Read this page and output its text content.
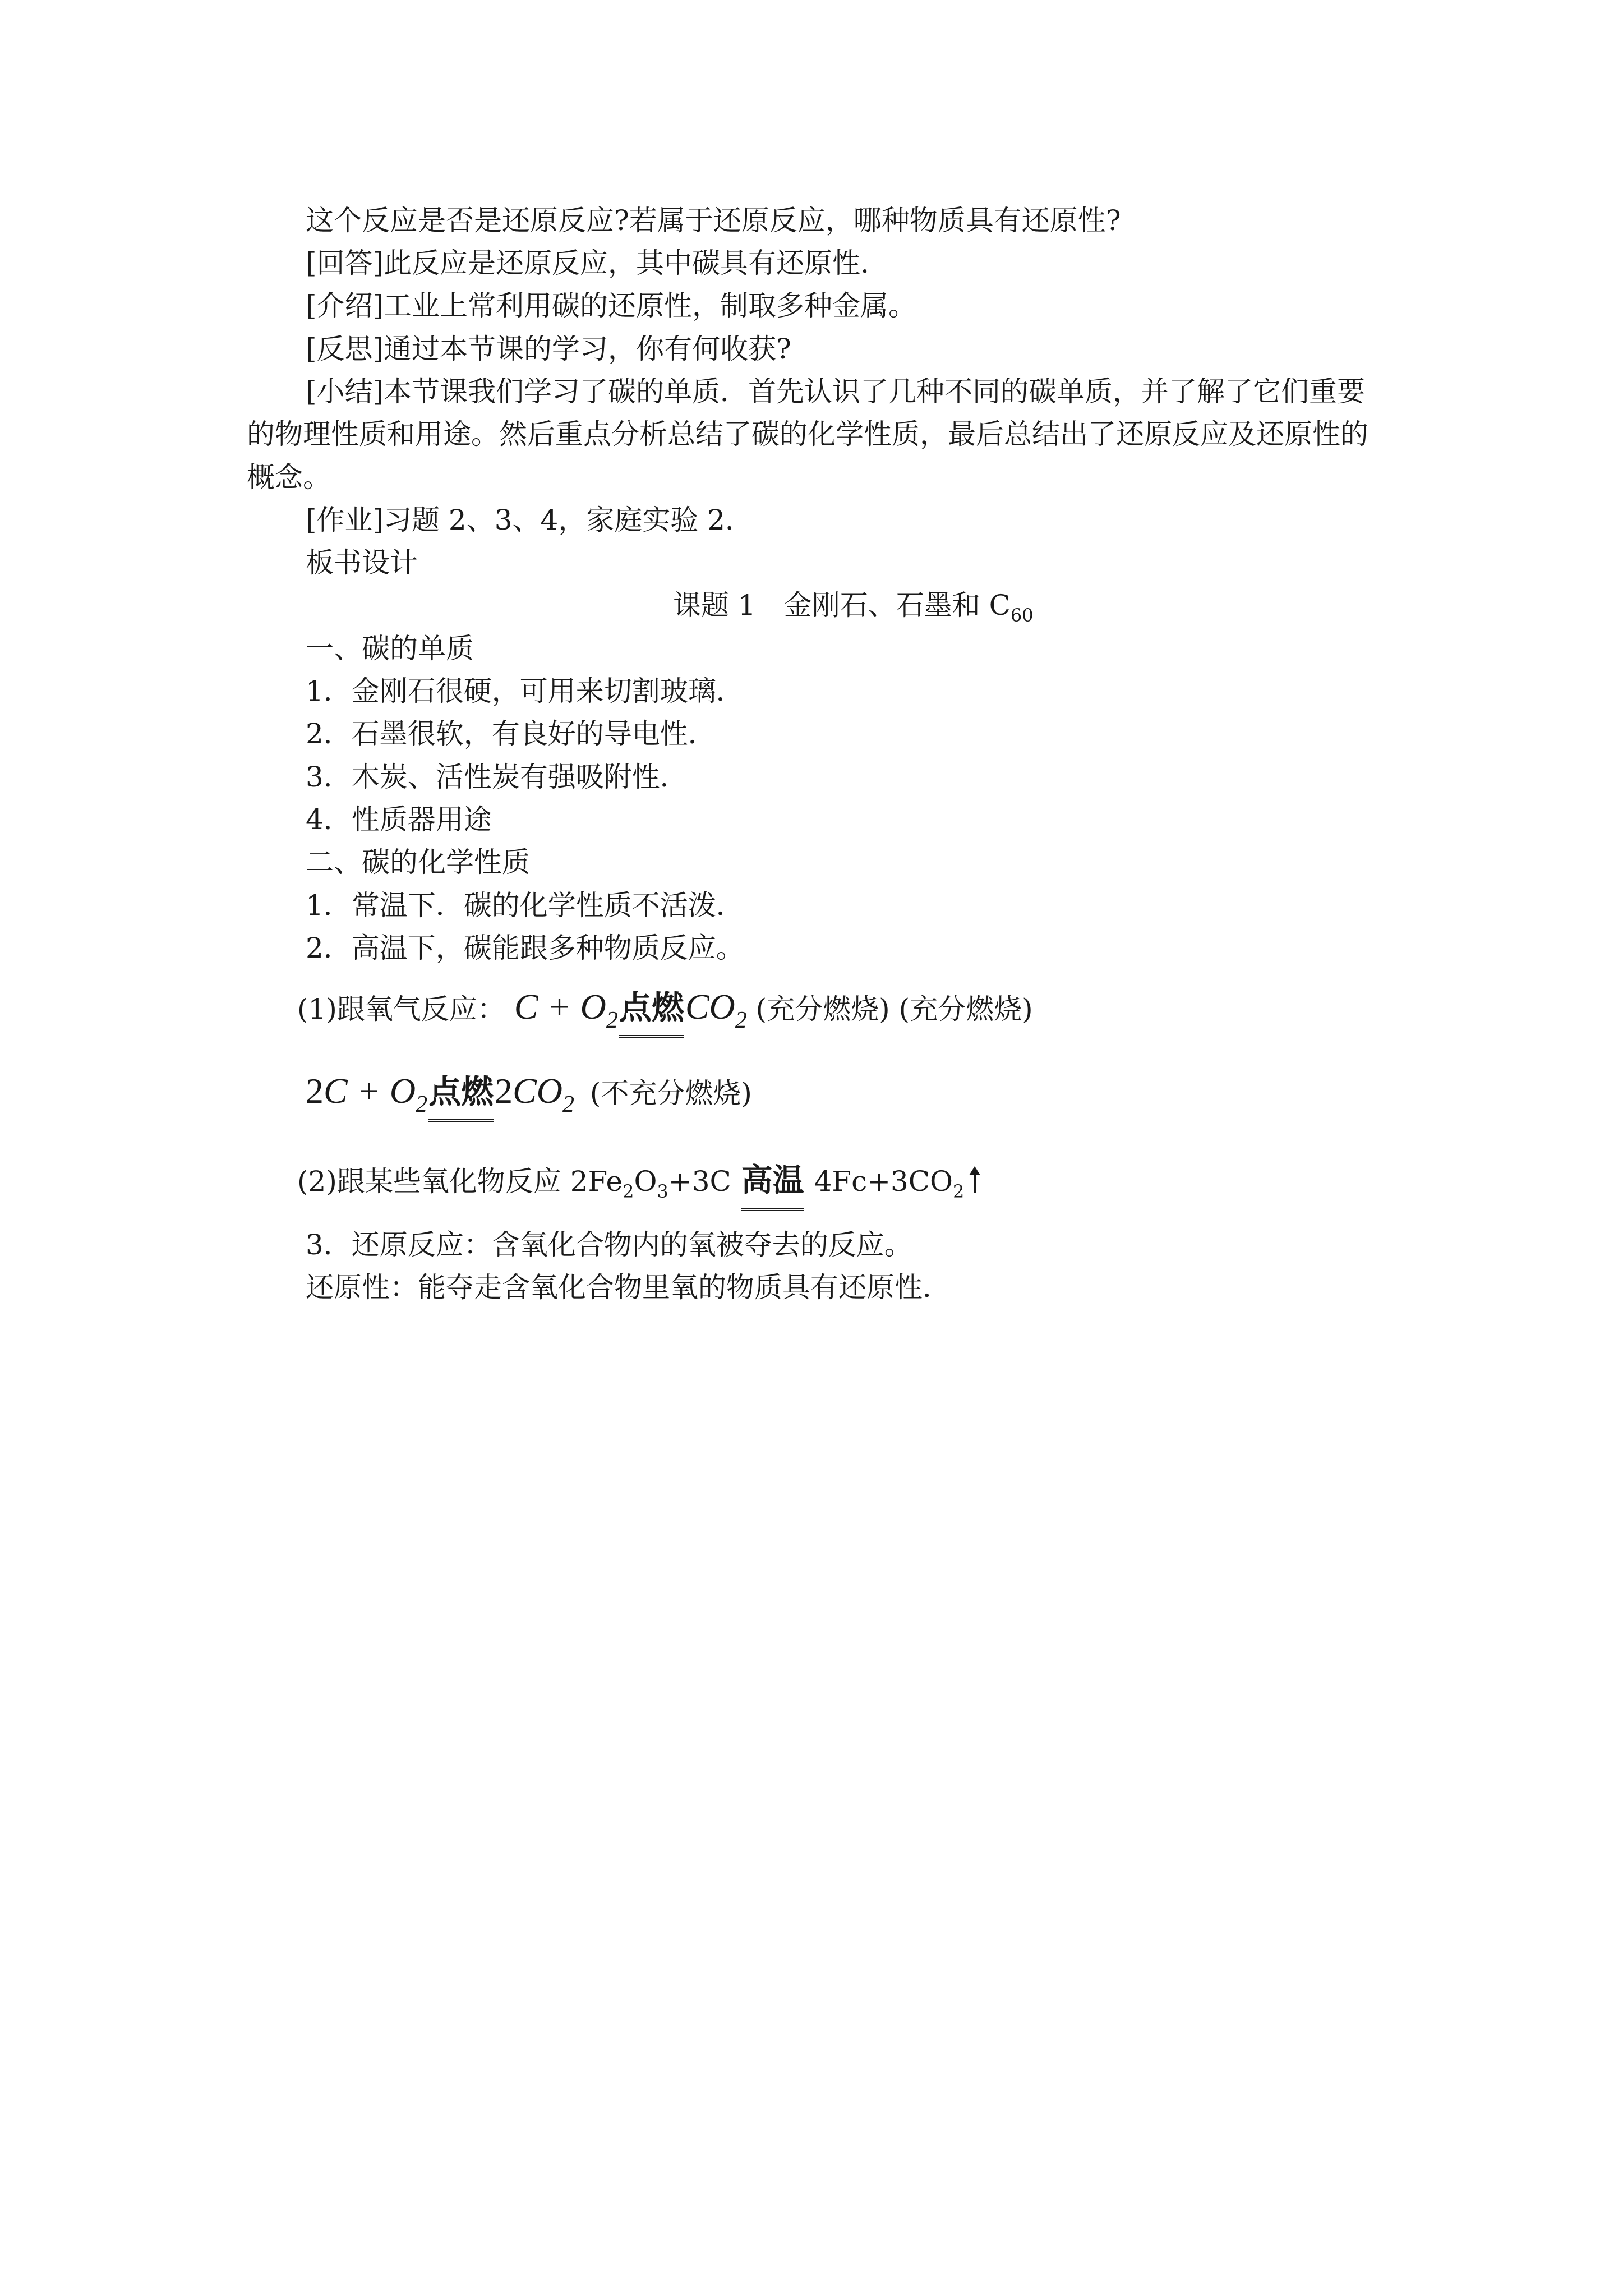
这个反应是否是还原反应?若属于还原反应，哪种物质具有还原性?
[回答]此反应是还原反应，其中碳具有还原性.
[介绍]工业上常利用碳的还原性，制取多种金属。
[反思]通过本节课的学习，你有何收获?
[小结]本节课我们学习了碳的单质．首先认识了几种不同的碳单质，并了解了它们重要
的物理性质和用途。然后重点分析总结了碳的化学性质，最后总结出了还原反应及还原性的
概念。
[作业]习题 2、3、4，家庭实验 2．
板书设计
课题 1　金刚石、石墨和 $C_{60}$
一、碳的单质
1．金刚石很硬，可用来切割玻璃．
2．石墨很软，有良好的导电性．
3．木炭、活性炭有强吸附性．
4．性质器用途
二、碳的化学性质
1．常温下．碳的化学性质不活泼．
2．高温下，碳能跟多种物质反应。
(1)跟氧气反应： $C + O_2$点燃$CO_2$ (充分燃烧) (充分燃烧)
$2C + O_2$点燃$2CO_2$ (不充分燃烧)
(2)跟某些氧化物反应 $2Fe_2O_3+3C$ 高温 $4Fc+3CO_2$
3．还原反应：含氧化合物内的氧被夺去的反应。
还原性：能夺走含氧化合物里氧的物质具有还原性．
